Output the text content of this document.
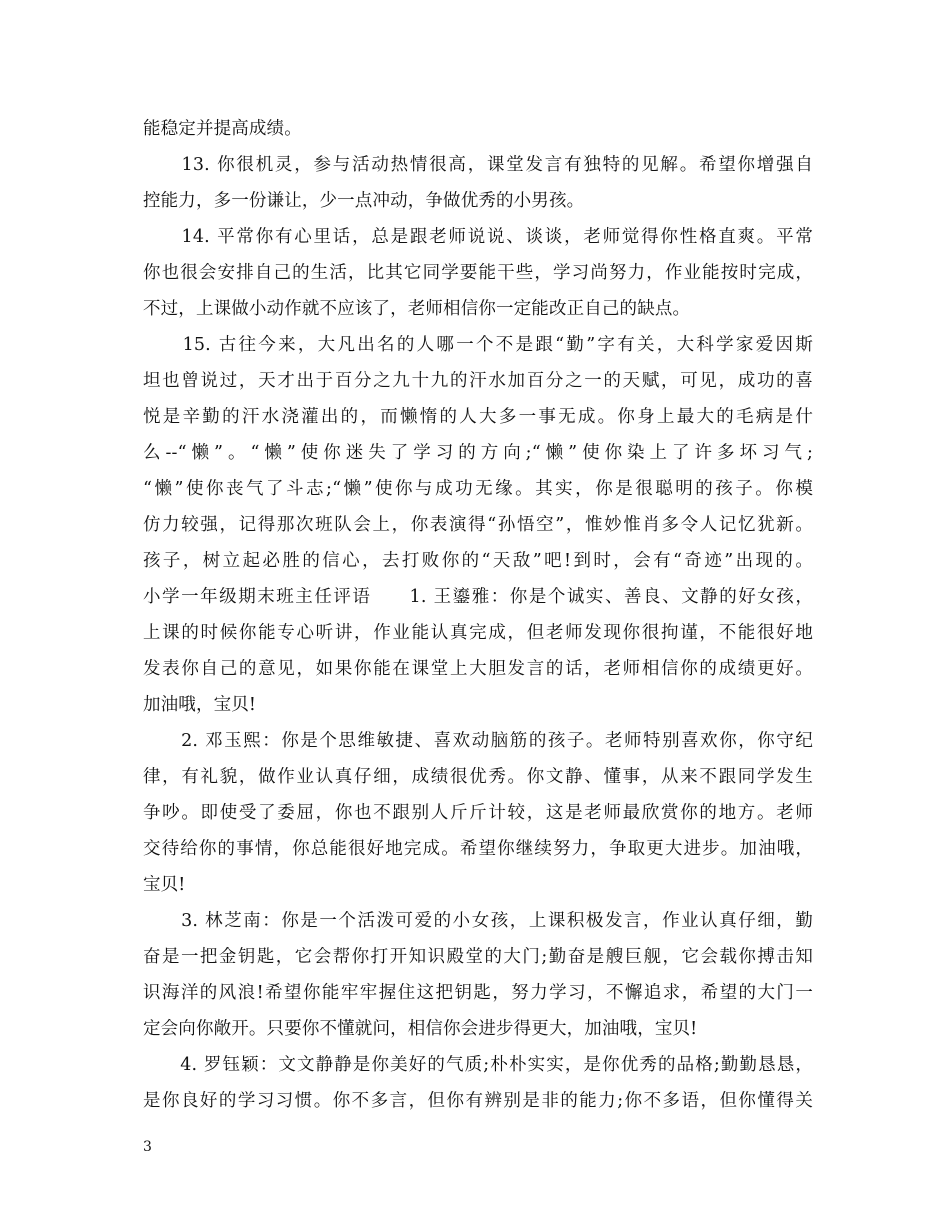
能稳定并提高成绩。
　　13. 你很机灵，参与活动热情很高，课堂发言有独特的见解。希望你增强自
控能力，多一份谦让，少一点冲动，争做优秀的小男孩。
　　14. 平常你有心里话，总是跟老师说说、谈谈，老师觉得你性格直爽。平常
你也很会安排自己的生活，比其它同学要能干些，学习尚努力，作业能按时完成，
不过，上课做小动作就不应该了，老师相信你一定能改正自己的缺点。
　　15. 古往今来，大凡出名的人哪一个不是跟“勤”字有关，大科学家爱因斯
坦也曾说过，天才出于百分之九十九的汗水加百分之一的天赋，可见，成功的喜
悦是辛勤的汗水浇灌出的，而懒惰的人大多一事无成。你身上最大的毛病是什
么--“懒”。“懒”使你迷失了学习的方向;“懒”使你染上了许多坏习气;
“懒”使你丧气了斗志;“懒”使你与成功无缘。其实，你是很聪明的孩子。你模
仿力较强，记得那次班队会上，你表演得“孙悟空”，惟妙惟肖多令人记忆犹新。
孩子，树立起必胜的信心，去打败你的“天敌”吧!到时，会有“奇迹”出现的。
小学一年级期末班主任评语　　1. 王鎏雅：你是个诚实、善良、文静的好女孩，
上课的时候你能专心听讲，作业能认真完成，但老师发现你很拘谨，不能很好地
发表你自己的意见，如果你能在课堂上大胆发言的话，老师相信你的成绩更好。
加油哦，宝贝!
　　2. 邓玉熙：你是个思维敏捷、喜欢动脑筋的孩子。老师特别喜欢你，你守纪
律，有礼貌，做作业认真仔细，成绩很优秀。你文静、懂事，从来不跟同学发生
争吵。即使受了委屈，你也不跟别人斤斤计较，这是老师最欣赏你的地方。老师
交待给你的事情，你总能很好地完成。希望你继续努力，争取更大进步。加油哦，
宝贝!
　　3. 林芝南：你是一个活泼可爱的小女孩，上课积极发言，作业认真仔细，勤
奋是一把金钥匙，它会帮你打开知识殿堂的大门;勤奋是艘巨舰，它会载你搏击知
识海洋的风浪!希望你能牢牢握住这把钥匙，努力学习，不懈追求，希望的大门一
定会向你敞开。只要你不懂就问，相信你会进步得更大，加油哦，宝贝!
　　4. 罗钰颖：文文静静是你美好的气质;朴朴实实，是你优秀的品格;勤勤恳恳，
是你良好的学习习惯。你不多言，但你有辨别是非的能力;你不多语，但你懂得关
3
